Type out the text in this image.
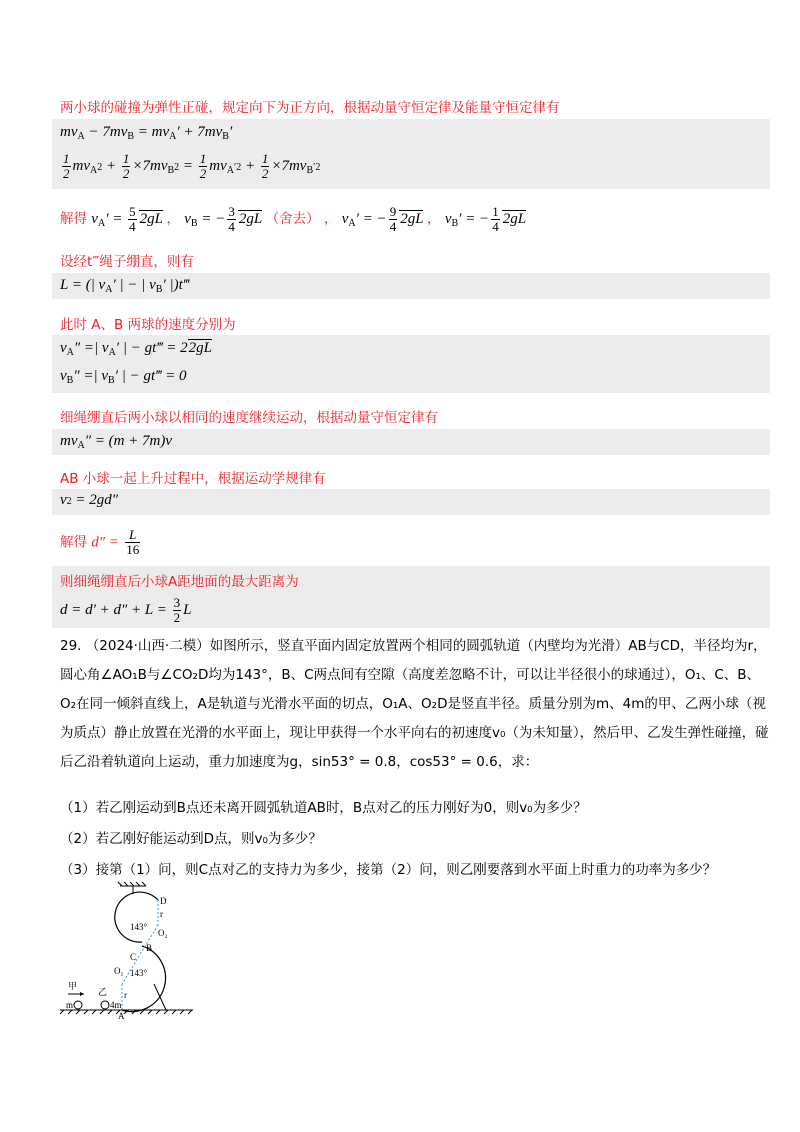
两小球的碰撞为弹性正碰，规定向下为正方向，根据动量守恒定律及能量守恒定律有
$mv_A - 7mv_B = mv_A' + 7mv_B'$
$\frac{1}{2} mv_A2 + \frac{1}{2} \times 7mv_B2 = \frac{1}{2} mv_A'2 + \frac{1}{2} \times 7mv_B'2$
解得 $v_A' = \frac{5}{4} 2gL$ ， $v_B$ = − $\frac{3}{4} 2gL$ （舍去） ， $v_A'$ = − $\frac{9}{4} 2gL$ ， $v_B'$ = − $\frac{1}{4} 2gL$
设经t‴绳子绷直，则有
L = (| $v_A'$ | − | $v_B'$ |)t‴
此时 A、B 两球的速度分别为
$v_A''$ =| $v_A'$ | − gt‴ = 22gL
$v_B''$ =| $v_B'$ | − gt‴ = 0
细绳绷直后两小球以相同的速度继续运动，根据动量守恒定律有
$mv_A'' = (m + 7m)v$
AB 小球一起上升过程中，根据运动学规律有
v2 = 2gd″
解得 $d'' = \frac{L}{16}$
则细绳绷直后小球A距地面的最大距离为
$d = d' + d'' + L = \frac{3}{2}$ L
29. （2024·山西·二模）如图所示，竖直平面内固定放置两个相同的圆弧轨道（内壁均为光滑）AB与CD，半径均为r，圆心角∠AO₁B与∠CO₂D均为143°，B、C两点间有空隙（高度差忽略不计，可以让半径很小的球通过），O₁、C、B、O₂在同一倾斜直线上，A是轨道与光滑水平面的切点，O₁A、O₂D是竖直半径。质量分别为m、4m的甲、乙两小球（视为质点）静止放置在光滑的水平面上，现让甲获得一个水平向右的初速度v₀（为未知量），然后甲、乙发生弹性碰撞，碰后乙沿着轨道向上运动，重力加速度为g，sin53° = 0.8，cos53° = 0.6，求：
（1）若乙刚运动到B点还未离开圆弧轨道AB时，B点对乙的压力刚好为0，则v₀为多少？
（2）若乙刚好能运动到D点，则v₀为多少？
（3）接第（1）问，则C点对乙的支持力为多少，接第（2）问，则乙刚要落到水平面上时重力的功率为多少？
D
r
143°
O₂
B
C
O₁ 143°
甲
乙
m	4m
r
A
